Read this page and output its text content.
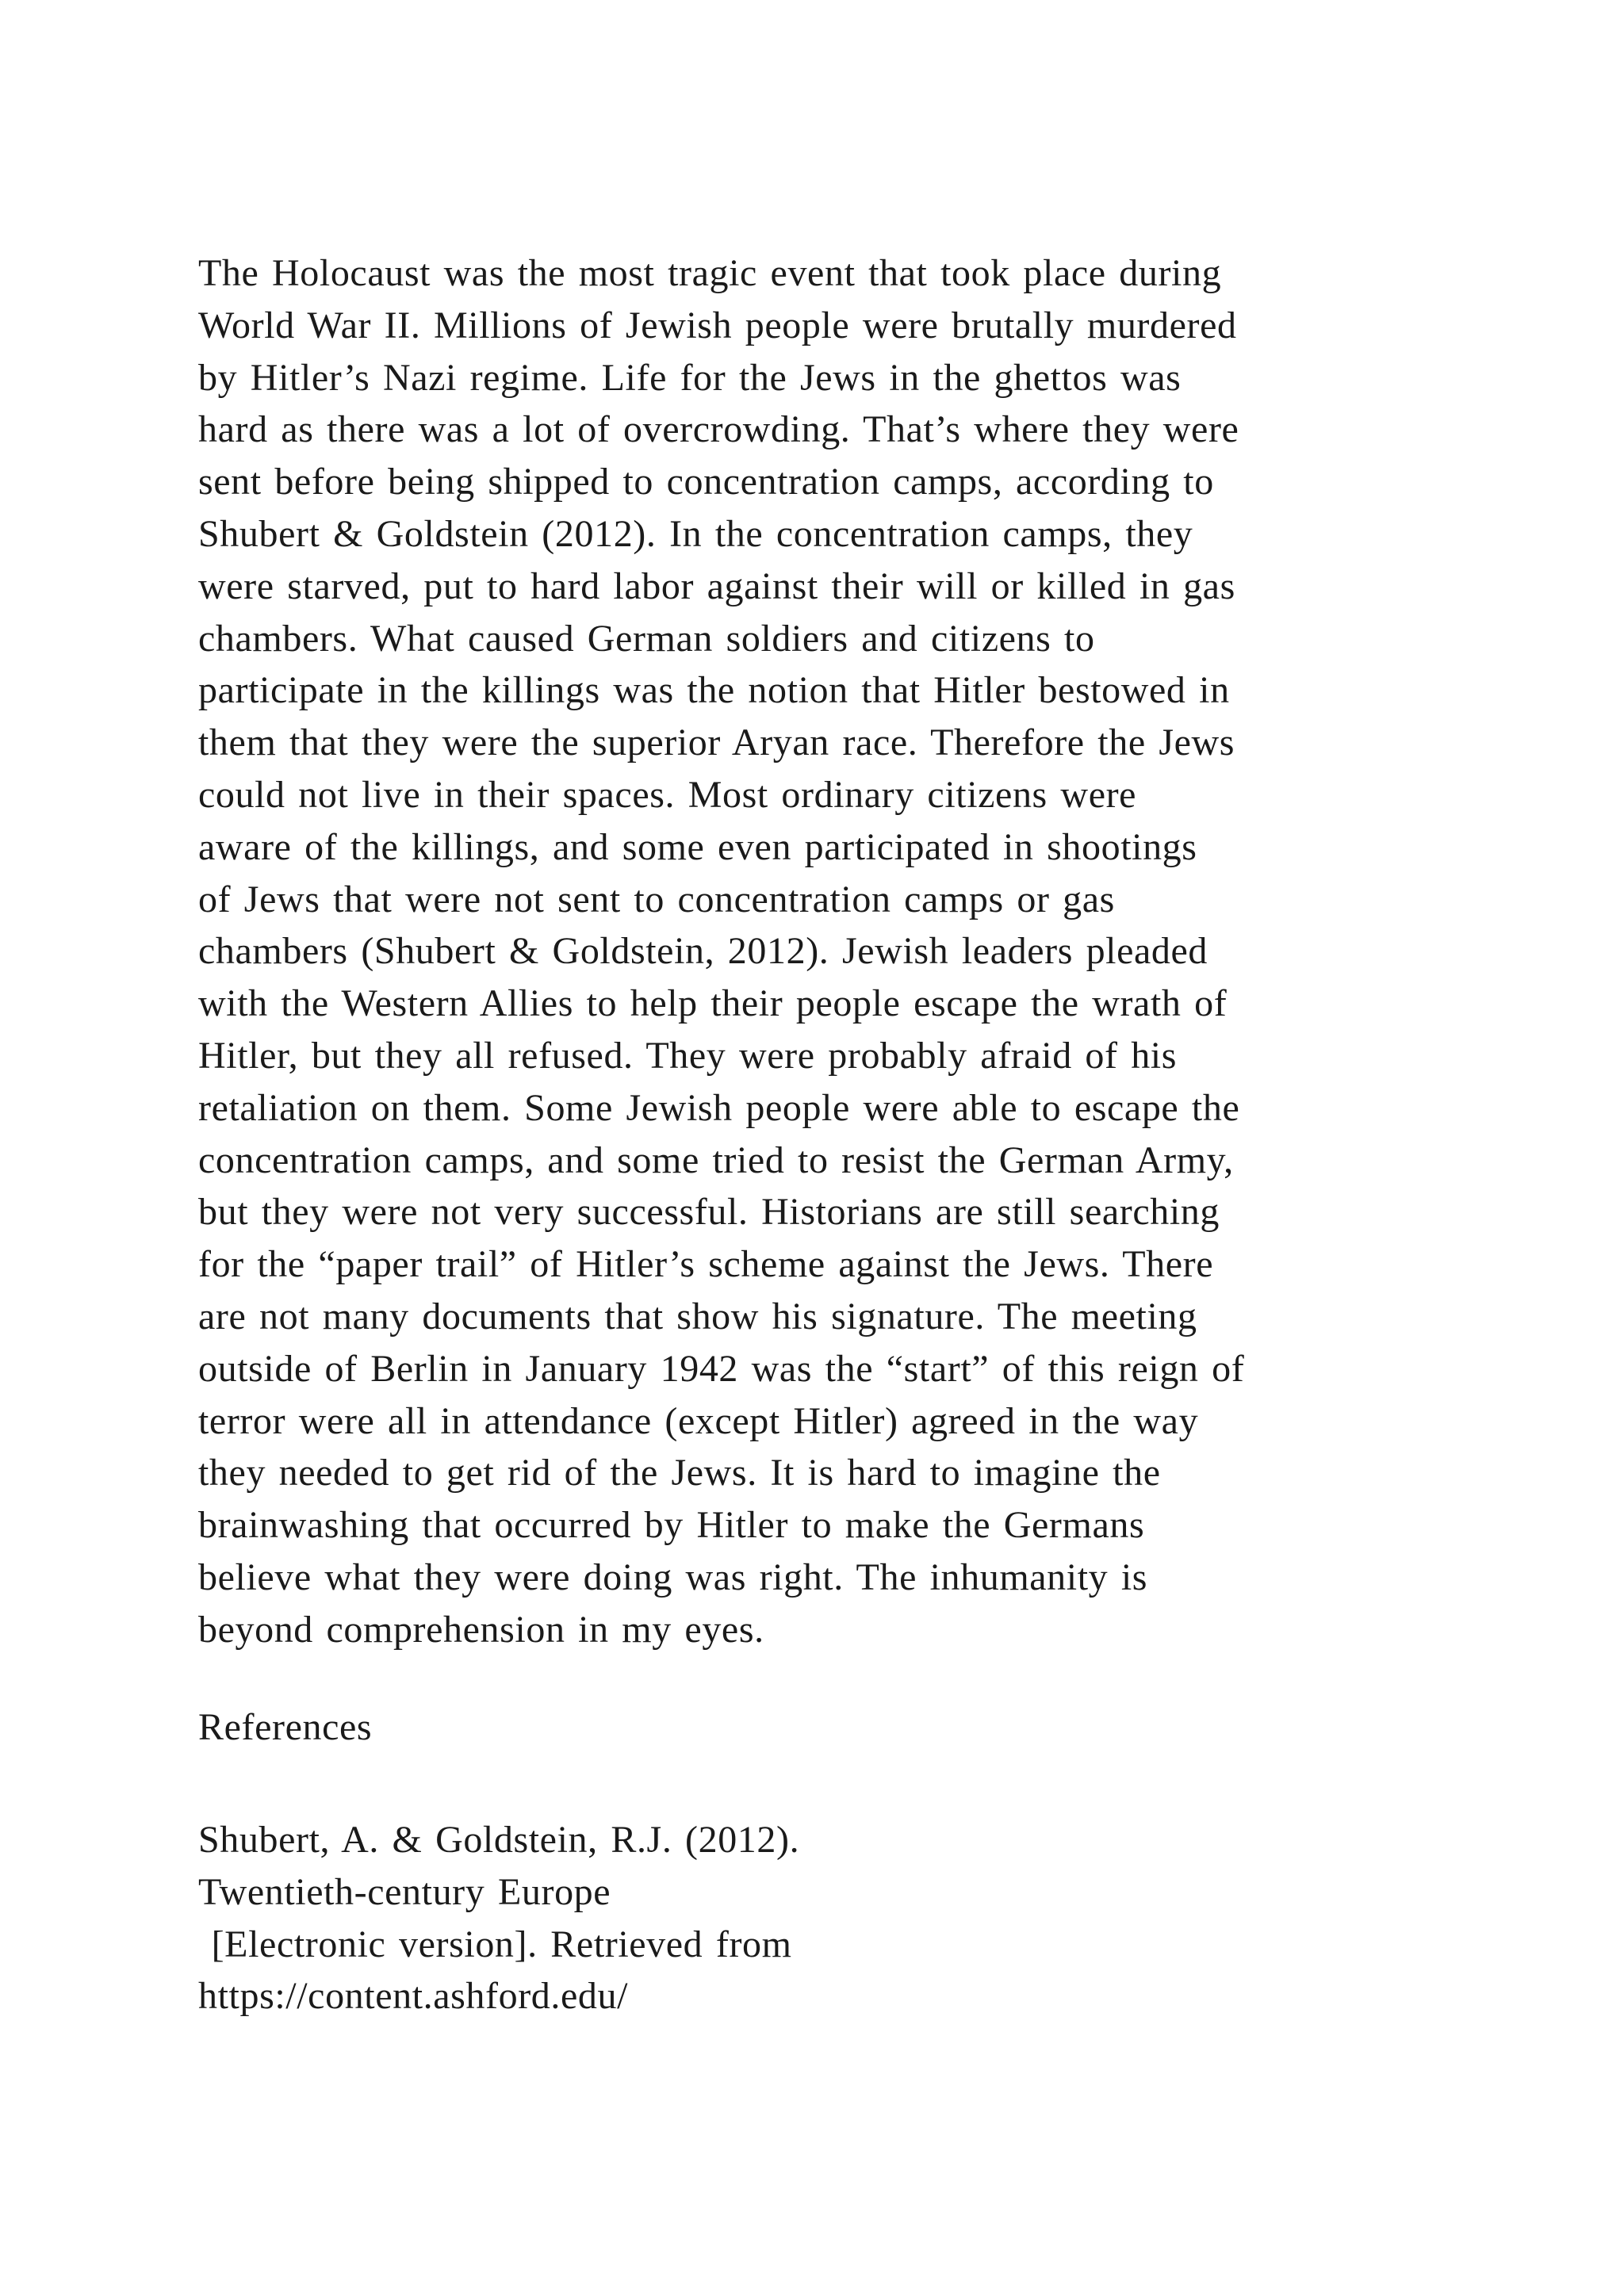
The Holocaust was the most tragic event that took place during
World War II. Millions of Jewish people were brutally murdered
by Hitler’s Nazi regime. Life for the Jews in the ghettos was
hard as there was a lot of overcrowding. That’s where they were
sent before being shipped to concentration camps, according to
Shubert & Goldstein (2012). In the concentration camps, they
were starved, put to hard labor against their will or killed in gas
chambers. What caused German soldiers and citizens to
participate in the killings was the notion that Hitler bestowed in
them that they were the superior Aryan race. Therefore the Jews
could not live in their spaces. Most ordinary citizens were
aware of the killings, and some even participated in shootings
of Jews that were not sent to concentration camps or gas
chambers (Shubert & Goldstein, 2012). Jewish leaders pleaded
with the Western Allies to help their people escape the wrath of
Hitler, but they all refused. They were probably afraid of his
retaliation on them. Some Jewish people were able to escape the
concentration camps, and some tried to resist the German Army,
but they were not very successful. Historians are still searching
for the “paper trail” of Hitler’s scheme against the Jews. There
are not many documents that show his signature. The meeting
outside of Berlin in January 1942 was the “start” of this reign of
terror were all in attendance (except Hitler) agreed in the way
they needed to get rid of the Jews. It is hard to imagine the
brainwashing that occurred by Hitler to make the Germans
believe what they were doing was right. The inhumanity is
beyond comprehension in my eyes.
References
Shubert, A. & Goldstein, R.J. (2012).
Twentieth-century Europe
[Electronic version]. Retrieved from
https://content.ashford.edu/
